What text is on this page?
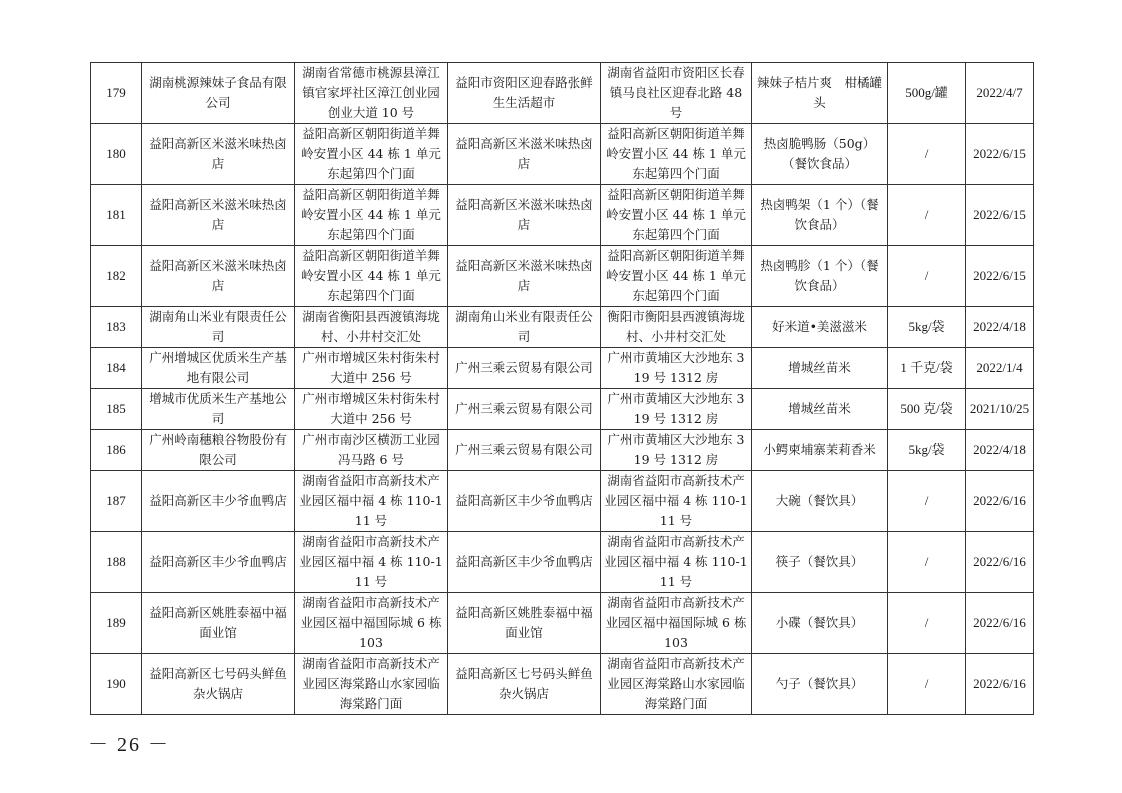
179	湖南桃源辣妹子食品有限公司	湖南省常德市桃源县漳江镇官家坪社区漳江创业园创业大道 10 号	益阳市资阳区迎春路张鲜生生活超市	湖南省益阳市资阳区长春镇马良社区迎春北路 48 号	辣妹子桔片爽　柑橘罐头	500g/罐	2022/4/7
180	益阳高新区米滋米味热卤店	益阳高新区朝阳街道羊舞岭安置小区 44 栋 1 单元东起第四个门面	益阳高新区米滋米味热卤店	益阳高新区朝阳街道羊舞岭安置小区 44 栋 1 单元东起第四个门面	热卤脆鸭肠（50g）（餐饮食品）	/	2022/6/15
181	益阳高新区米滋米味热卤店	益阳高新区朝阳街道羊舞岭安置小区 44 栋 1 单元东起第四个门面	益阳高新区米滋米味热卤店	益阳高新区朝阳街道羊舞岭安置小区 44 栋 1 单元东起第四个门面	热卤鸭架（1 个）（餐饮食品）	/	2022/6/15
182	益阳高新区米滋米味热卤店	益阳高新区朝阳街道羊舞岭安置小区 44 栋 1 单元东起第四个门面	益阳高新区米滋米味热卤店	益阳高新区朝阳街道羊舞岭安置小区 44 栋 1 单元东起第四个门面	热卤鸭胗（1 个）（餐饮食品）	/	2022/6/15
183	湖南角山米业有限责任公司	湖南省衡阳县西渡镇海垅村、小井村交汇处	湖南角山米业有限责任公司	衡阳市衡阳县西渡镇海垅村、小井村交汇处	好米道•美滋滋米	5kg/袋	2022/4/18
184	广州增城区优质米生产基地有限公司	广州市增城区朱村街朱村大道中 256 号	广州三乘云贸易有限公司	广州市黄埔区大沙地东 319 号 1312 房	增城丝苗米	1 千克/袋	2022/1/4
185	增城市优质米生产基地公司	广州市增城区朱村街朱村大道中 256 号	广州三乘云贸易有限公司	广州市黄埔区大沙地东 319 号 1312 房	增城丝苗米	500 克/袋	2021/10/25
186	广州岭南穗粮谷物股份有限公司	广州市南沙区横沥工业园冯马路 6 号	广州三乘云贸易有限公司	广州市黄埔区大沙地东 319 号 1312 房	小鳄柬埔寨茉莉香米	5kg/袋	2022/4/18
187	益阳高新区丰少爷血鸭店	湖南省益阳市高新技术产业园区福中福 4 栋 110-111 号	益阳高新区丰少爷血鸭店	湖南省益阳市高新技术产业园区福中福 4 栋 110-111 号	大碗（餐饮具）	/	2022/6/16
188	益阳高新区丰少爷血鸭店	湖南省益阳市高新技术产业园区福中福 4 栋 110-111 号	益阳高新区丰少爷血鸭店	湖南省益阳市高新技术产业园区福中福 4 栋 110-111 号	筷子（餐饮具）	/	2022/6/16
189	益阳高新区姚胜泰福中福面业馆	湖南省益阳市高新技术产业园区福中福国际城 6 栋 103	益阳高新区姚胜泰福中福面业馆	湖南省益阳市高新技术产业园区福中福国际城 6 栋 103	小碟（餐饮具）	/	2022/6/16
190	益阳高新区七号码头鲜鱼杂火锅店	湖南省益阳市高新技术产业园区海棠路山水家园临海棠路门面	益阳高新区七号码头鲜鱼杂火锅店	湖南省益阳市高新技术产业园区海棠路山水家园临海棠路门面	勺子（餐饮具）	/	2022/6/16
－ 26 －
